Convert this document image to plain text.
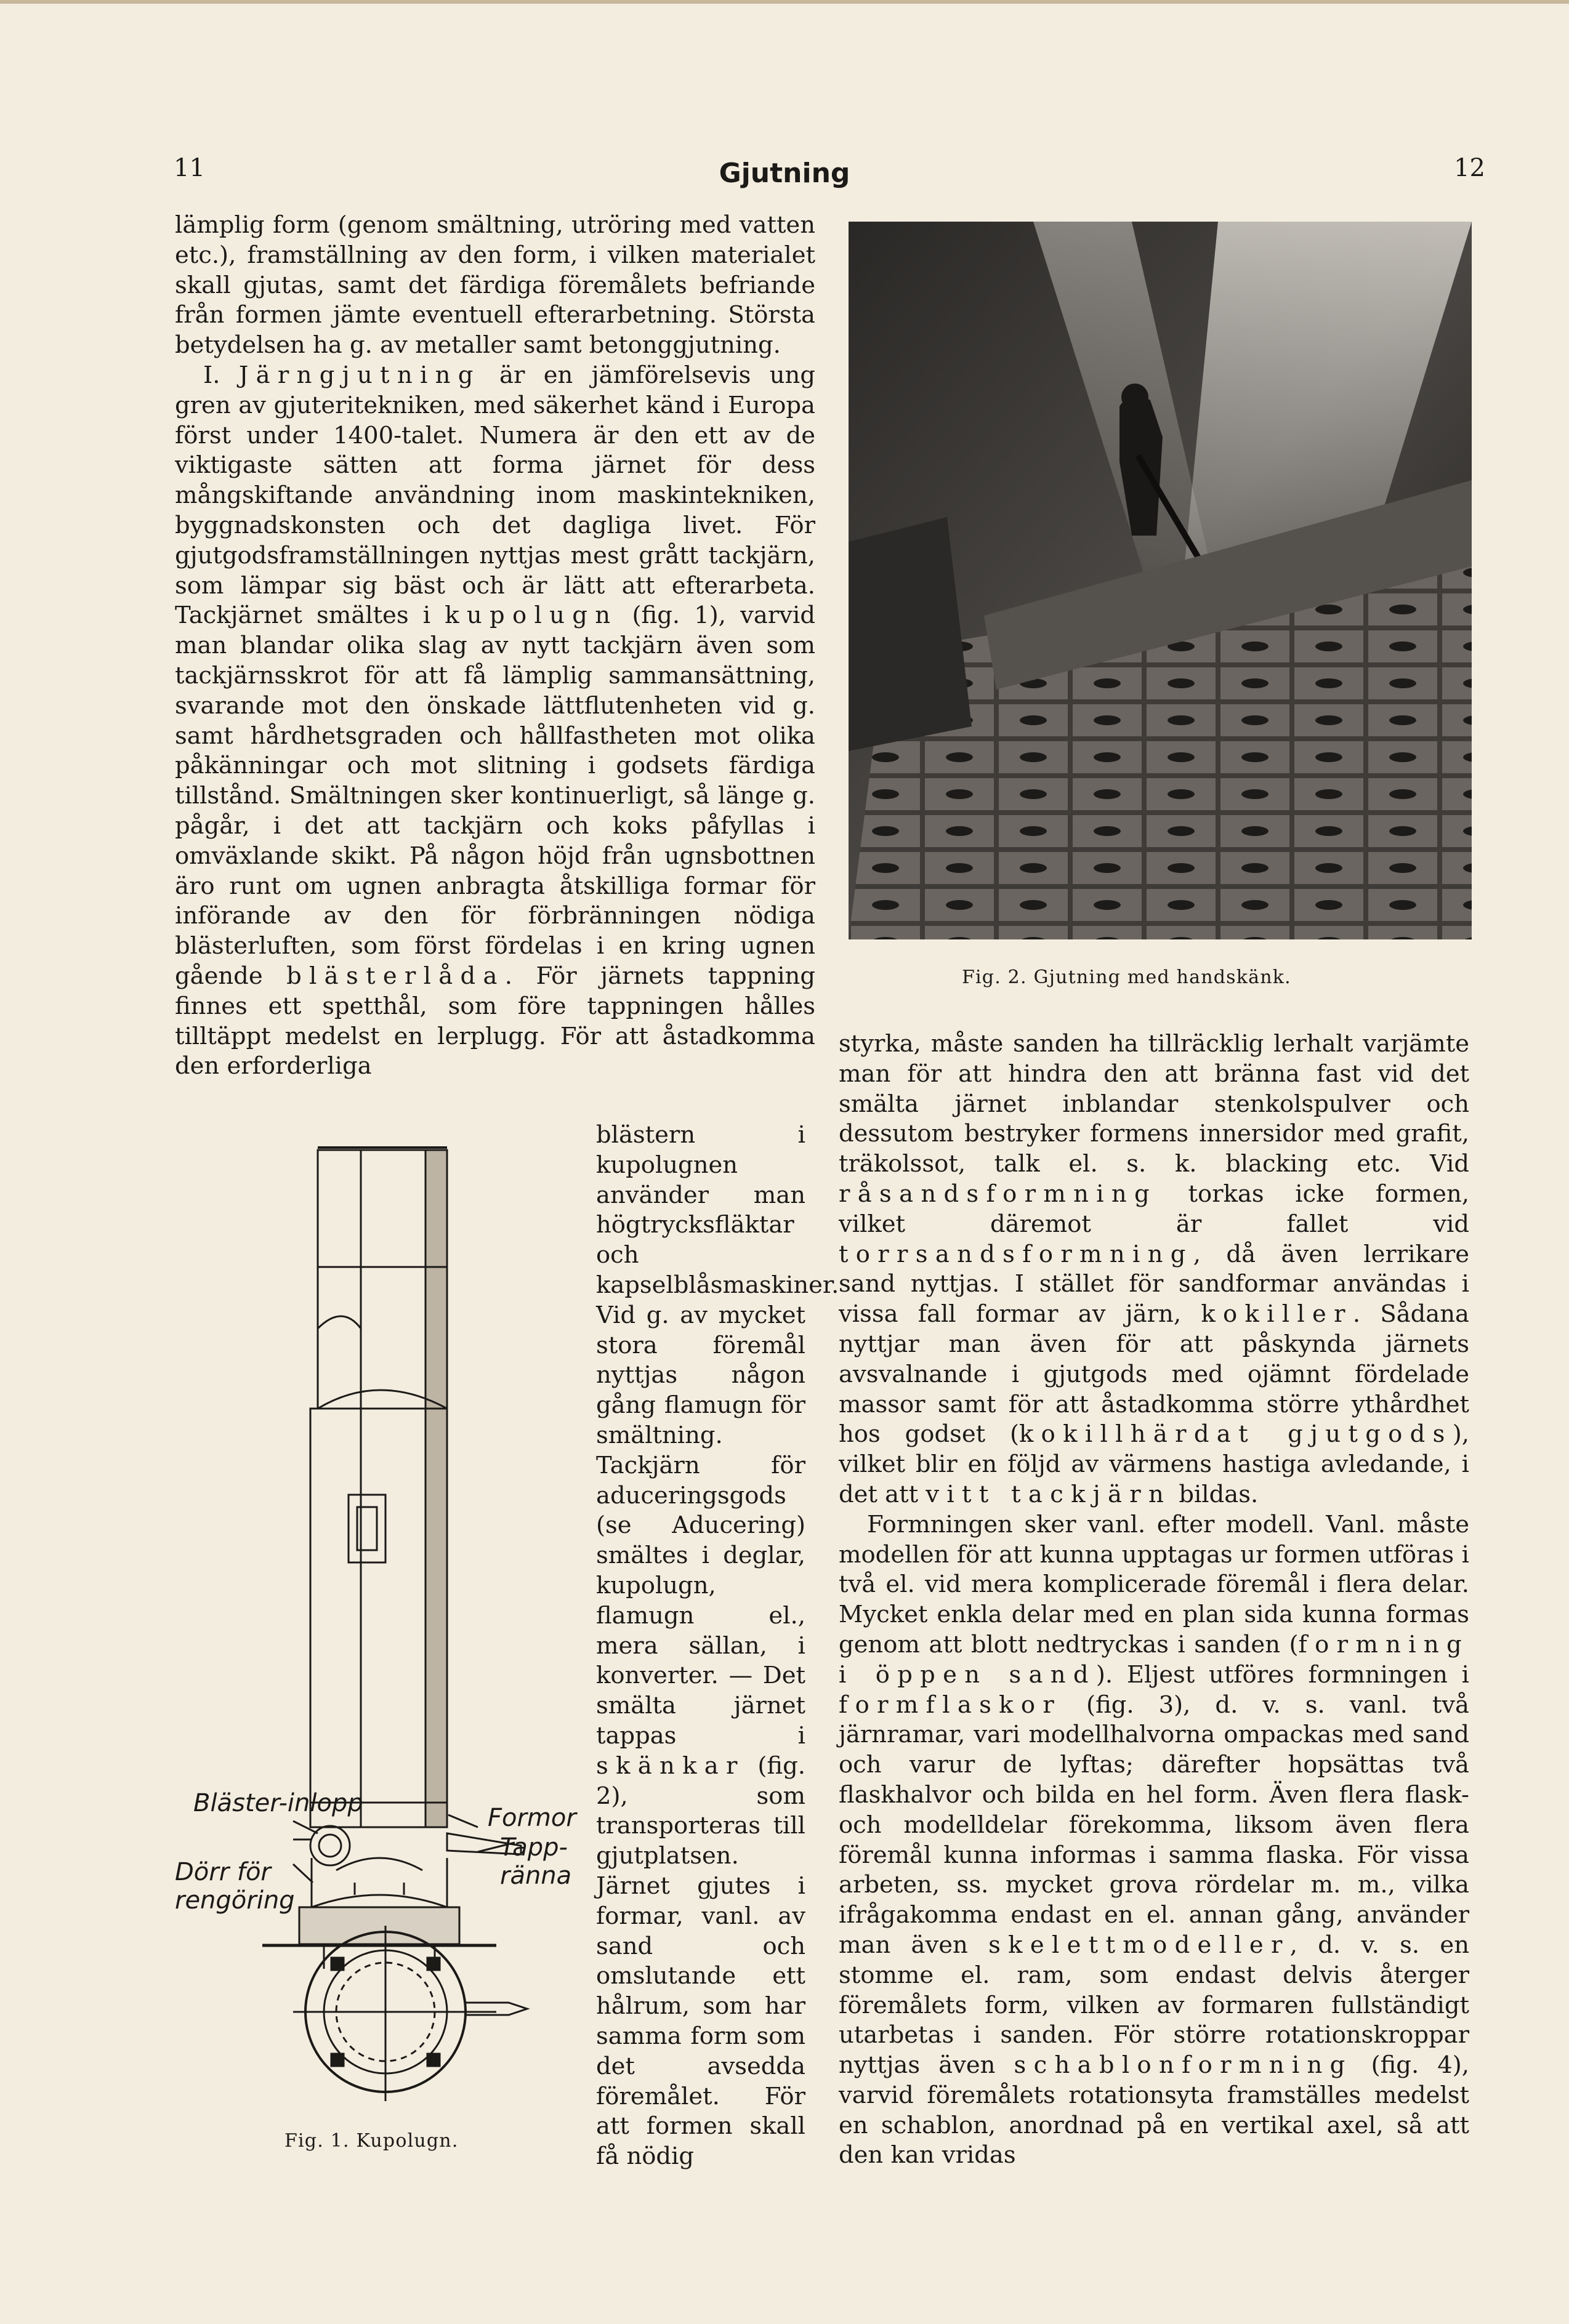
11	Gjutning	12

lämplig form (genom smältning, utröring med vatten etc.), framställning av den form, i vilken materialet skall gjutas, samt det färdiga föremålets befriande från formen jämte eventuell efterarbetning. Största betydelsen ha g. av metaller samt betonggjutning.

I. Järngjutning är en jämförelsevis ung gren av gjuteritekniken, med säkerhet känd i Europa först under 1400-talet. Numera är den ett av de viktigaste sätten att forma järnet för dess mångskiftande användning inom maskintekniken, byggnadskonsten och det dagliga livet. För gjutgodsframställningen nyttjas mest grått tackjärn, som lämpar sig bäst och är lätt att efterarbeta. Tackjärnet smältes i kupolugn (fig. 1), varvid man blandar olika slag av nytt tackjärn även som tackjärnsskrot för att få lämplig sammansättning, svarande mot den önskade lättflutenheten vid g. samt hårdhetsgraden och hållfastheten mot olika påkänningar och mot slitning i godsets färdiga tillstånd. Smältningen sker kontinuerligt, så länge g. pågår, i det att tackjärn och koks påfyllas i omväxlande skikt. På någon höjd från ugnsbottnen äro runt om ugnen anbragta åtskilliga formar för införande av den för förbränningen nödiga blästerluften, som först fördelas i en kring ugnen gående blästerlåda. För järnets tappning finnes ett spetthål, som före tappningen hålles tilltäppt medelst en lerplugg. För att åstadkomma den erforderliga

blästern i kupolugnen använder man högtrycksfläktar och kapselblåsmaskiner. Vid g. av mycket stora föremål nyttjas någon gång flamugn för smältning. Tackjärn för aduceringsgods (se Aducering) smältes i deglar, kupolugn, flamugn el., mera sällan, i konverter. — Det smälta järnet tappas i skänkar (fig. 2), som transporteras till gjutplatsen. Järnet gjutes i formar, vanl. av sand och omslutande ett hålrum, som har samma form som det avsedda föremålet. För att formen skall få nödig
Bläster-inlopp
Dörr för rengöring
Formor
Tapp-ränna
Fig. 1. Kupolugn.
Fig. 2. Gjutning med handskänk.

styrka, måste sanden ha tillräcklig lerhalt varjämte man för att hindra den att bränna fast vid det smälta järnet inblandar stenkolspulver och dessutom bestryker formens innersidor med grafit, träkolssot, talk el. s. k. blacking etc. Vid råsandsformning torkas icke formen, vilket däremot är fallet vid torrsandsformning, då även lerrikare sand nyttjas. I stället för sandformar användas i vissa fall formar av järn, kokiller. Sådana nyttjar man även för att påskynda järnets avsvalnande i gjutgods med ojämnt fördelade massor samt för att åstadkomma större ythårdhet hos godset (kokillhärdat gjutgods), vilket blir en följd av värmens hastiga avledande, i det att vitt tackjärn bildas.

Formningen sker vanl. efter modell. Vanl. måste modellen för att kunna upptagas ur formen utföras i två el. vid mera komplicerade föremål i flera delar. Mycket enkla delar med en plan sida kunna formas genom att blott nedtryckas i sanden (formning i öppen sand). Eljest utföres formningen i formflaskor (fig. 3), d. v. s. vanl. två järnramar, vari modellhalvorna ompackas med sand och varur de lyftas; därefter hopsättas två flaskhalvor och bilda en hel form. Även flera flask- och modelldelar förekomma, liksom även flera föremål kunna informas i samma flaska. För vissa arbeten, ss. mycket grova rördelar m. m., vilka ifrågakomma endast en el. annan gång, använder man även skelettmodeller, d. v. s. en stomme el. ram, som endast delvis återger föremålets form, vilken av formaren fullständigt utarbetas i sanden. För större rotationskroppar nyttjas även schablonformning (fig. 4), varvid föremålets rotationsyta framställes medelst en schablon, anordnad på en vertikal axel, så att den kan vridas
